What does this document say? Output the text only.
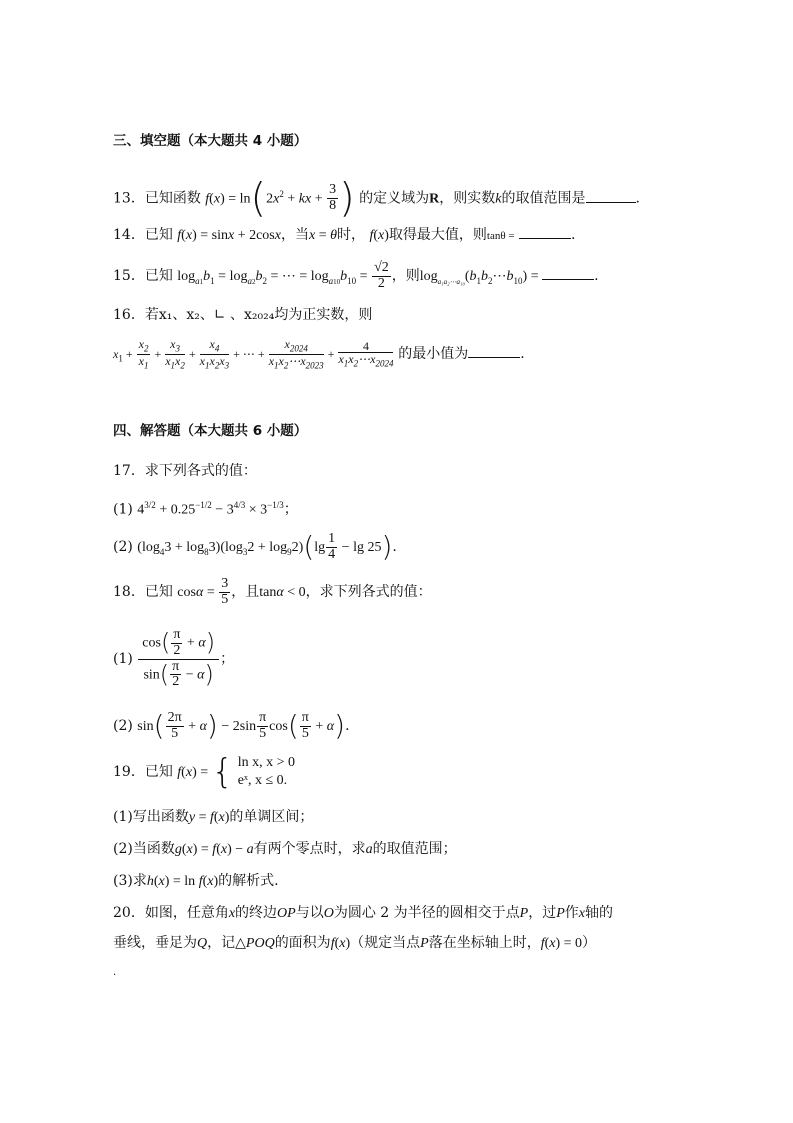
三、填空题（本大题共 4 小题）
13．已知函数 $f(x) = \ln(2x^2$ + kx + $\frac{3}{8}$ ) 的定义域为R，则实数k的取值范围是	.
14．已知 f(x) = sinx + 2cosx，当x = θ时， f(x)取得最大值，则tanθ =	.
15．已知 $\log_{a1}b_1 = \log_{a2}b_2$ = ⋯ = $\log_{a10}b_{10} = \frac{√2}{2}$ ，则$\log_{a_1a_2\cdots a_{10}}(b_1b_2\cdots b_{10})$ =	.
16．若x₁、x₂、∟ 、x₂₀₂₄均为正实数，则
$x_1 + \frac{x_2}{x_1} + \frac{x_3}{x_1x_2} + \frac{x_4}{x_1x_2x_3}$ + ⋯ + $\frac{x_{2024}}{x_1x_2\cdots x_{2023}} + \frac{4}{x_1x_2\cdots x_{2024}}$ 的最小值为	.
四、解答题（本大题共 6 小题）
17．求下列各式的值：
(1) $4^{3/2} + 0.25^{-1/2} - 3^{4/3} \times 3^{-1/3}$；
(2) $(\log_43 + \log_83)(\log_32 + \log_92)(\lg \frac{1}{4} - \lg 25)$.
18．已知 $\cos\alpha = \frac{3}{5}$ ，且tanα < 0，求下列各式的值：
$(1) \frac{\cos( \frac{\pi}{2} + \alpha)}{\sin( \frac{\pi}{2} - \alpha)}$ ；
(2) $\sin( \frac{2\pi}{5} + \alpha) - 2\sin \frac{\pi}{5} \cos( \frac{\pi}{5} + \alpha)$.
19．已知 f(x) = { ln x, x > 0
eˣ, x ≤ 0.
(1)写出函数y = f(x)的单调区间；
(2)当函数g(x) = f(x) − a有两个零点时，求a的取值范围；
(3)求h(x) = ln f(x)的解析式.
20．如图，任意角x的终边OP与以O为圆心 2 为半径的圆相交于点P，过P作x轴的
垂线，垂足为Q，记△POQ的面积为f(x)（规定当点P落在坐标轴上时，f(x) = 0）
.
